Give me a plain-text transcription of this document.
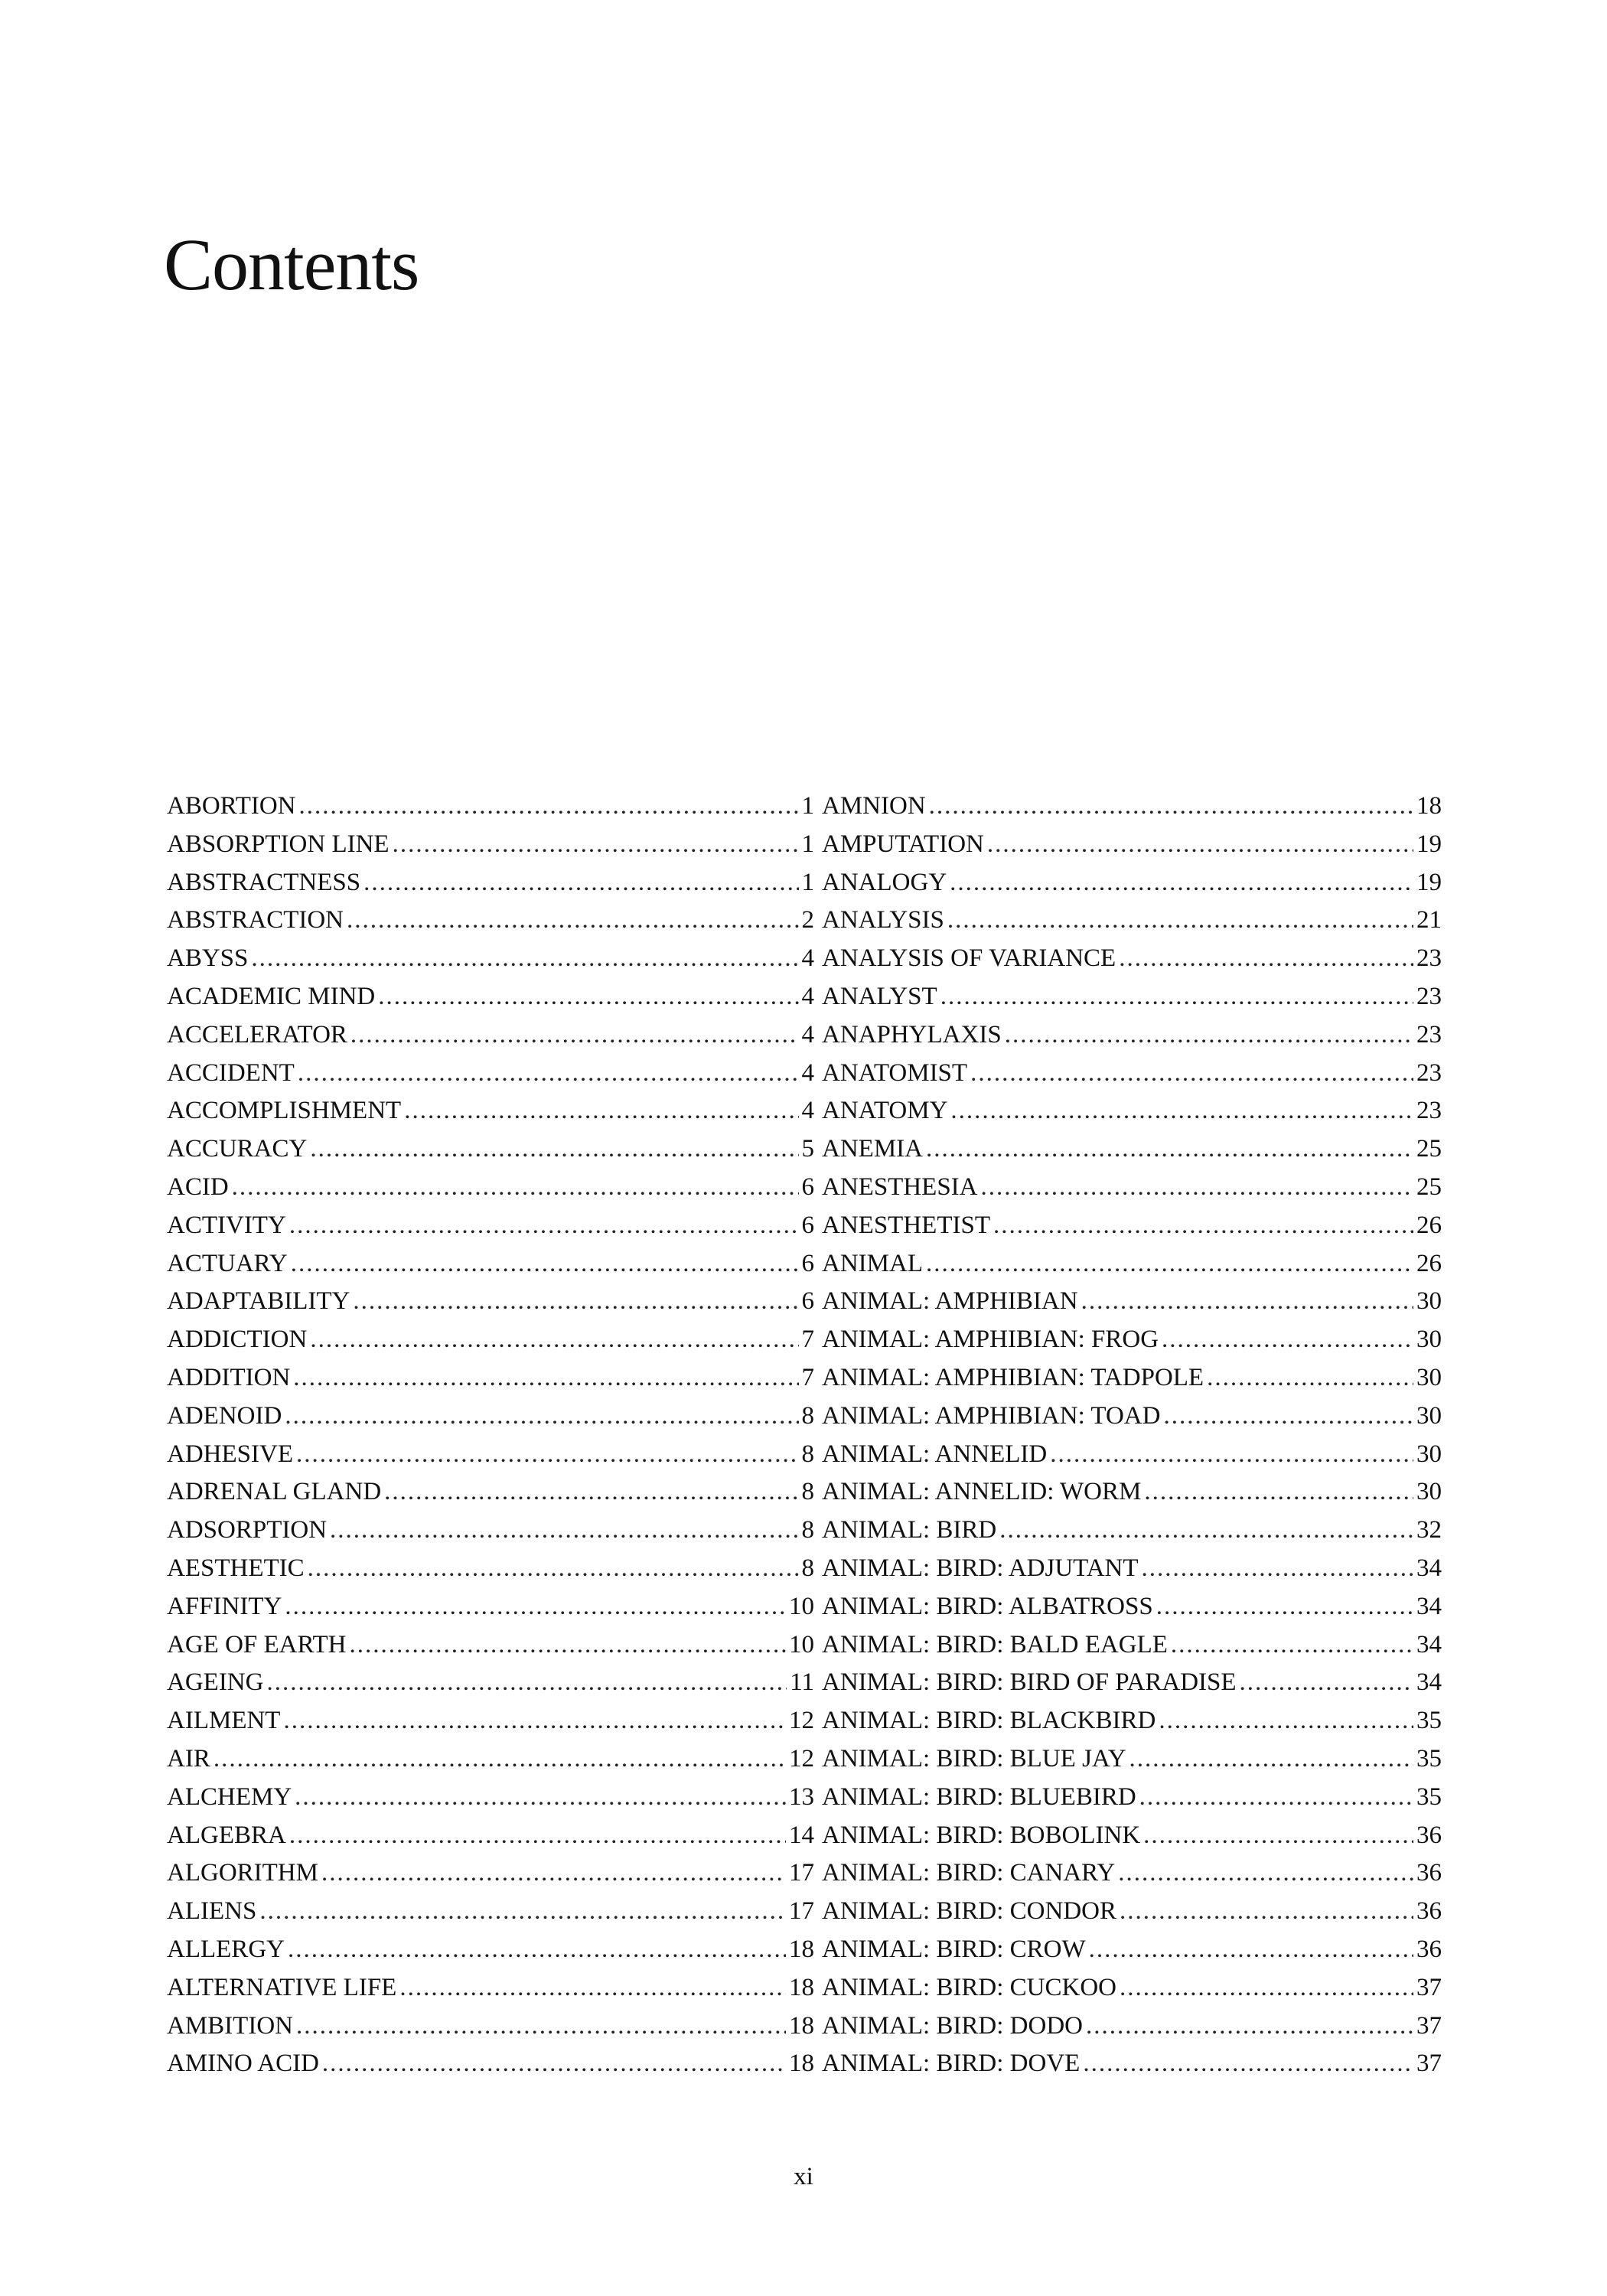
Contents
ABORTION .....	1
ABSORPTION LINE .....	1
ABSTRACTNESS .....	1
ABSTRACTION .....	2
ABYSS .....	4
ACADEMIC MIND .....	4
ACCELERATOR .....	4
ACCIDENT .....	4
ACCOMPLISHMENT .....	4
ACCURACY .....	5
ACID .....	6
ACTIVITY .....	6
ACTUARY .....	6
ADAPTABILITY .....	6
ADDICTION .....	7
ADDITION .....	7
ADENOID .....	8
ADHESIVE .....	8
ADRENAL GLAND .....	8
ADSORPTION .....	8
AESTHETIC .....	8
AFFINITY .....	10
AGE OF EARTH .....	10
AGEING .....	11
AILMENT .....	12
AIR .....	12
ALCHEMY .....	13
ALGEBRA .....	14
ALGORITHM .....	17
ALIENS .....	17
ALLERGY .....	18
ALTERNATIVE LIFE .....	18
AMBITION .....	18
AMINO ACID .....	18
AMNION .....	18
AMPUTATION .....	19
ANALOGY .....	19
ANALYSIS .....	21
ANALYSIS OF VARIANCE .....	23
ANALYST .....	23
ANAPHYLAXIS .....	23
ANATOMIST .....	23
ANATOMY .....	23
ANEMIA .....	25
ANESTHESIA .....	25
ANESTHETIST .....	26
ANIMAL .....	26
ANIMAL: AMPHIBIAN .....	30
ANIMAL: AMPHIBIAN: FROG .....	30
ANIMAL: AMPHIBIAN: TADPOLE .....	30
ANIMAL: AMPHIBIAN: TOAD .....	30
ANIMAL: ANNELID .....	30
ANIMAL: ANNELID: WORM .....	30
ANIMAL: BIRD .....	32
ANIMAL: BIRD: ADJUTANT .....	34
ANIMAL: BIRD: ALBATROSS .....	34
ANIMAL: BIRD: BALD EAGLE .....	34
ANIMAL: BIRD: BIRD OF PARADISE .....	34
ANIMAL: BIRD: BLACKBIRD .....	35
ANIMAL: BIRD: BLUE JAY .....	35
ANIMAL: BIRD: BLUEBIRD .....	35
ANIMAL: BIRD: BOBOLINK .....	36
ANIMAL: BIRD: CANARY .....	36
ANIMAL: BIRD: CONDOR .....	36
ANIMAL: BIRD: CROW .....	36
ANIMAL: BIRD: CUCKOO .....	37
ANIMAL: BIRD: DODO .....	37
ANIMAL: BIRD: DOVE .....	37

xi
